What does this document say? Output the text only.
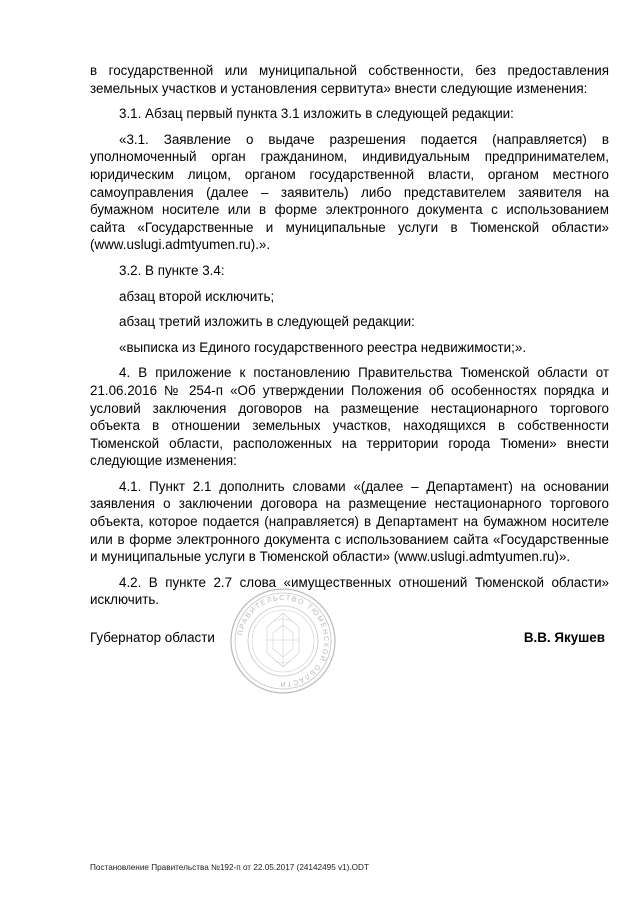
в государственной или муниципальной собственности, без предоставления земельных участков и установления сервитута» внести следующие изменения:

3.1. Абзац первый пункта 3.1 изложить в следующей редакции:

«3.1. Заявление о выдаче разрешения подается (направляется) в уполномоченный орган гражданином, индивидуальным предпринимателем, юридическим лицом, органом государственной власти, органом местного самоуправления (далее – заявитель) либо представителем заявителя на бумажном носителе или в форме электронного документа с использованием сайта «Государственные и муниципальные услуги в Тюменской области» (www.uslugi.admtyumen.ru).».

3.2. В пункте 3.4:

абзац второй исключить;

абзац третий изложить в следующей редакции:

«выписка из Единого государственного реестра недвижимости;».

4. В приложение к постановлению Правительства Тюменской области от 21.06.2016 № 254-п «Об утверждении Положения об особенностях порядка и условий заключения договоров на размещение нестационарного торгового объекта в отношении земельных участков, находящихся в собственности Тюменской области, расположенных на территории города Тюмени» внести следующие изменения:

4.1. Пункт 2.1 дополнить словами «(далее – Департамент) на основании заявления о заключении договора на размещение нестационарного торгового объекта, которое подается (направляется) в Департамент на бумажном носителе или в форме электронного документа с использованием сайта «Государственные и муниципальные услуги в Тюменской области» (www.uslugi.admtyumen.ru)».

4.2. В пункте 2.7 слова «имущественных отношений Тюменской области» исключить.

ПРАВИТЕЛЬСТВО ТЮМЕНСКОЙ ОБЛАСТИ
Губернатор области	В.В. Якушев
Постановление Правительства №192-п от 22.05.2017 (24142495 v1).ODT
